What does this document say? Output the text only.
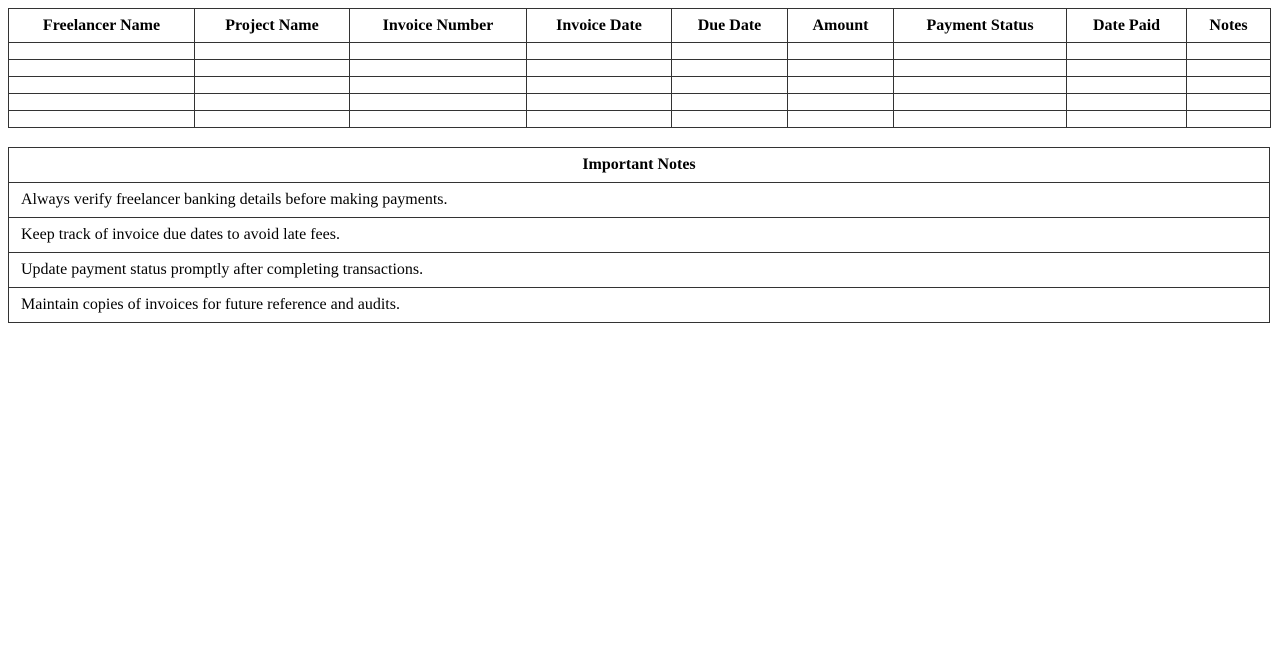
Freelancer Name	Project Name	Invoice Number	Invoice Date	Due Date	Amount	Payment Status	Date Paid	Notes

Important Notes
Always verify freelancer banking details before making payments.
Keep track of invoice due dates to avoid late fees.
Update payment status promptly after completing transactions.
Maintain copies of invoices for future reference and audits.
